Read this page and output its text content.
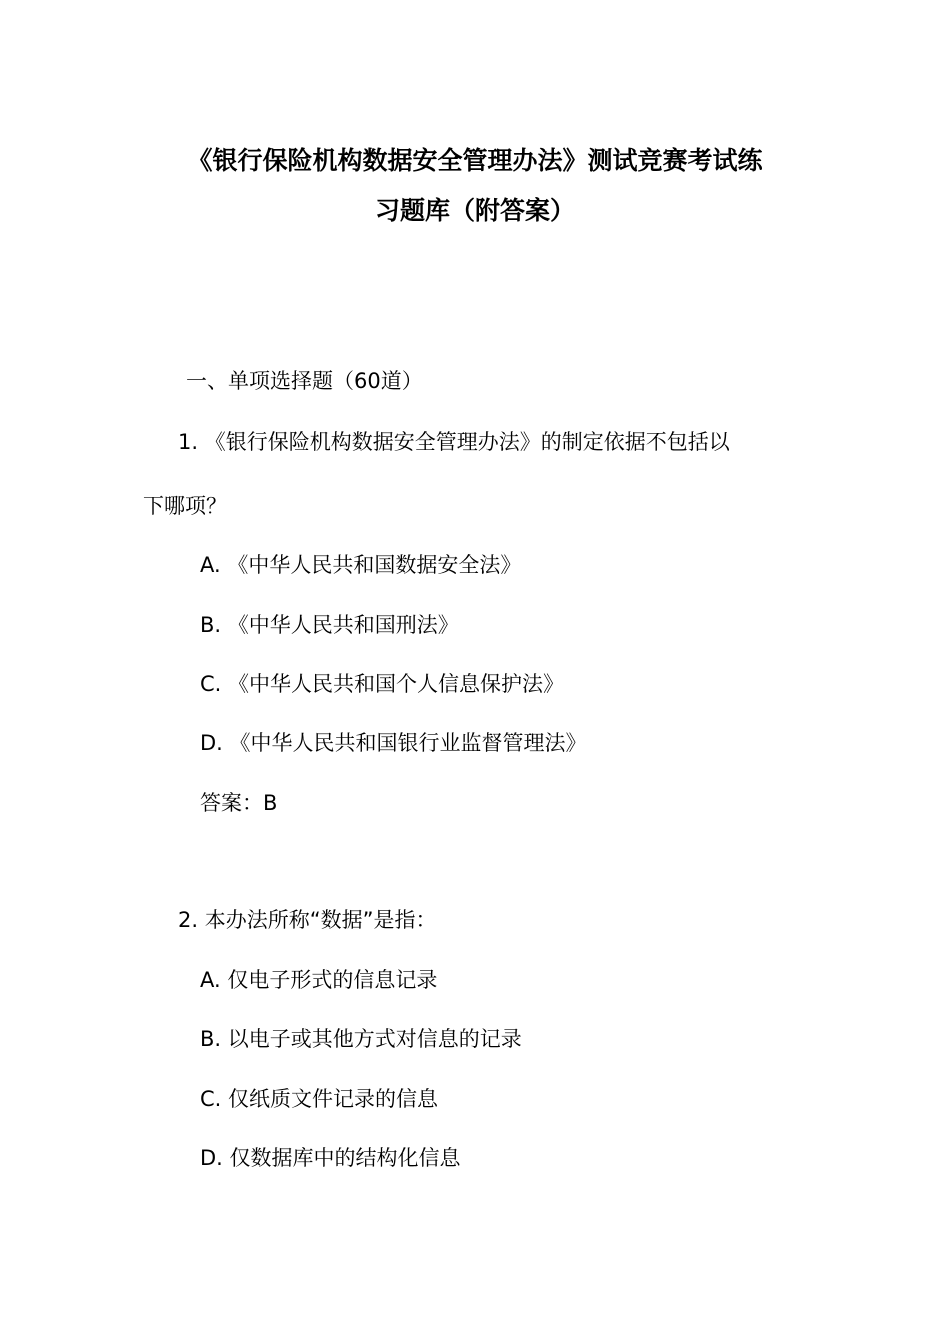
《银行保险机构数据安全管理办法》测试竞赛考试练
习题库（附答案）
一、单项选择题（60道）
1. 《银行保险机构数据安全管理办法》的制定依据不包括以
下哪项？
A. 《中华人民共和国数据安全法》
B. 《中华人民共和国刑法》
C. 《中华人民共和国个人信息保护法》
D. 《中华人民共和国银行业监督管理法》
答案：B
2. 本办法所称“数据”是指：
A. 仅电子形式的信息记录
B. 以电子或其他方式对信息的记录
C. 仅纸质文件记录的信息
D. 仅数据库中的结构化信息
